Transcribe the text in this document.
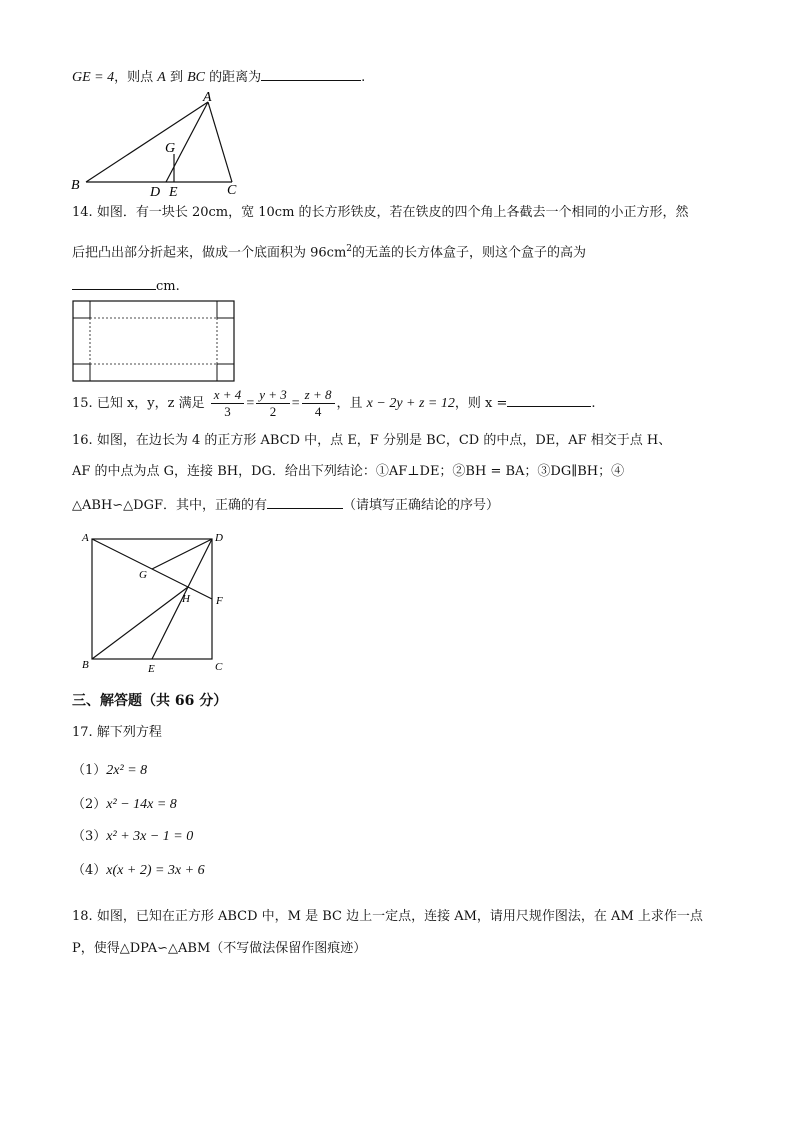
GE = 4，则点 A 到 BC 的距离为	.
A
G
B	D E	C
14. 如图．有一块长 20cm，宽 10cm 的长方形铁皮，若在铁皮的四个角上各截去一个相同的小正方形，然
后把凸出部分折起来，做成一个底面积为 $96cm^2$的无盖的长方体盒子，则这个盒子的高为
cm.
15. 已知 x，y，z 满足 $\frac{x + 4}{3} = \frac{y + 3}{2} = \frac{z + 8}{4}$ ，且 x − 2y + z = 12，则 x =	.
16. 如图，在边长为 4 的正方形 ABCD 中，点 E，F 分别是 BC，CD 的中点，DE，AF 相交于点 H、
AF 的中点为点 G，连接 BH，DG．给出下列结论：①AF⊥DE；②BH = BA；③DG∥BH；④
△ABH∽△DGF．其中，正确的有	（请填写正确结论的序号）
A	D
G
H F
B	E	C
三、解答题（共 66 分）
17. 解下列方程
（1）2x² = 8
（2）x² − 14x = 8
（3）x² + 3x − 1 = 0
（4）x(x + 2) = 3x + 6
18. 如图，已知在正方形 ABCD 中，M 是 BC 边上一定点，连接 AM，请用尺规作图法，在 AM 上求作一点
P，使得△DPA∽△ABM（不写做法保留作图痕迹）
